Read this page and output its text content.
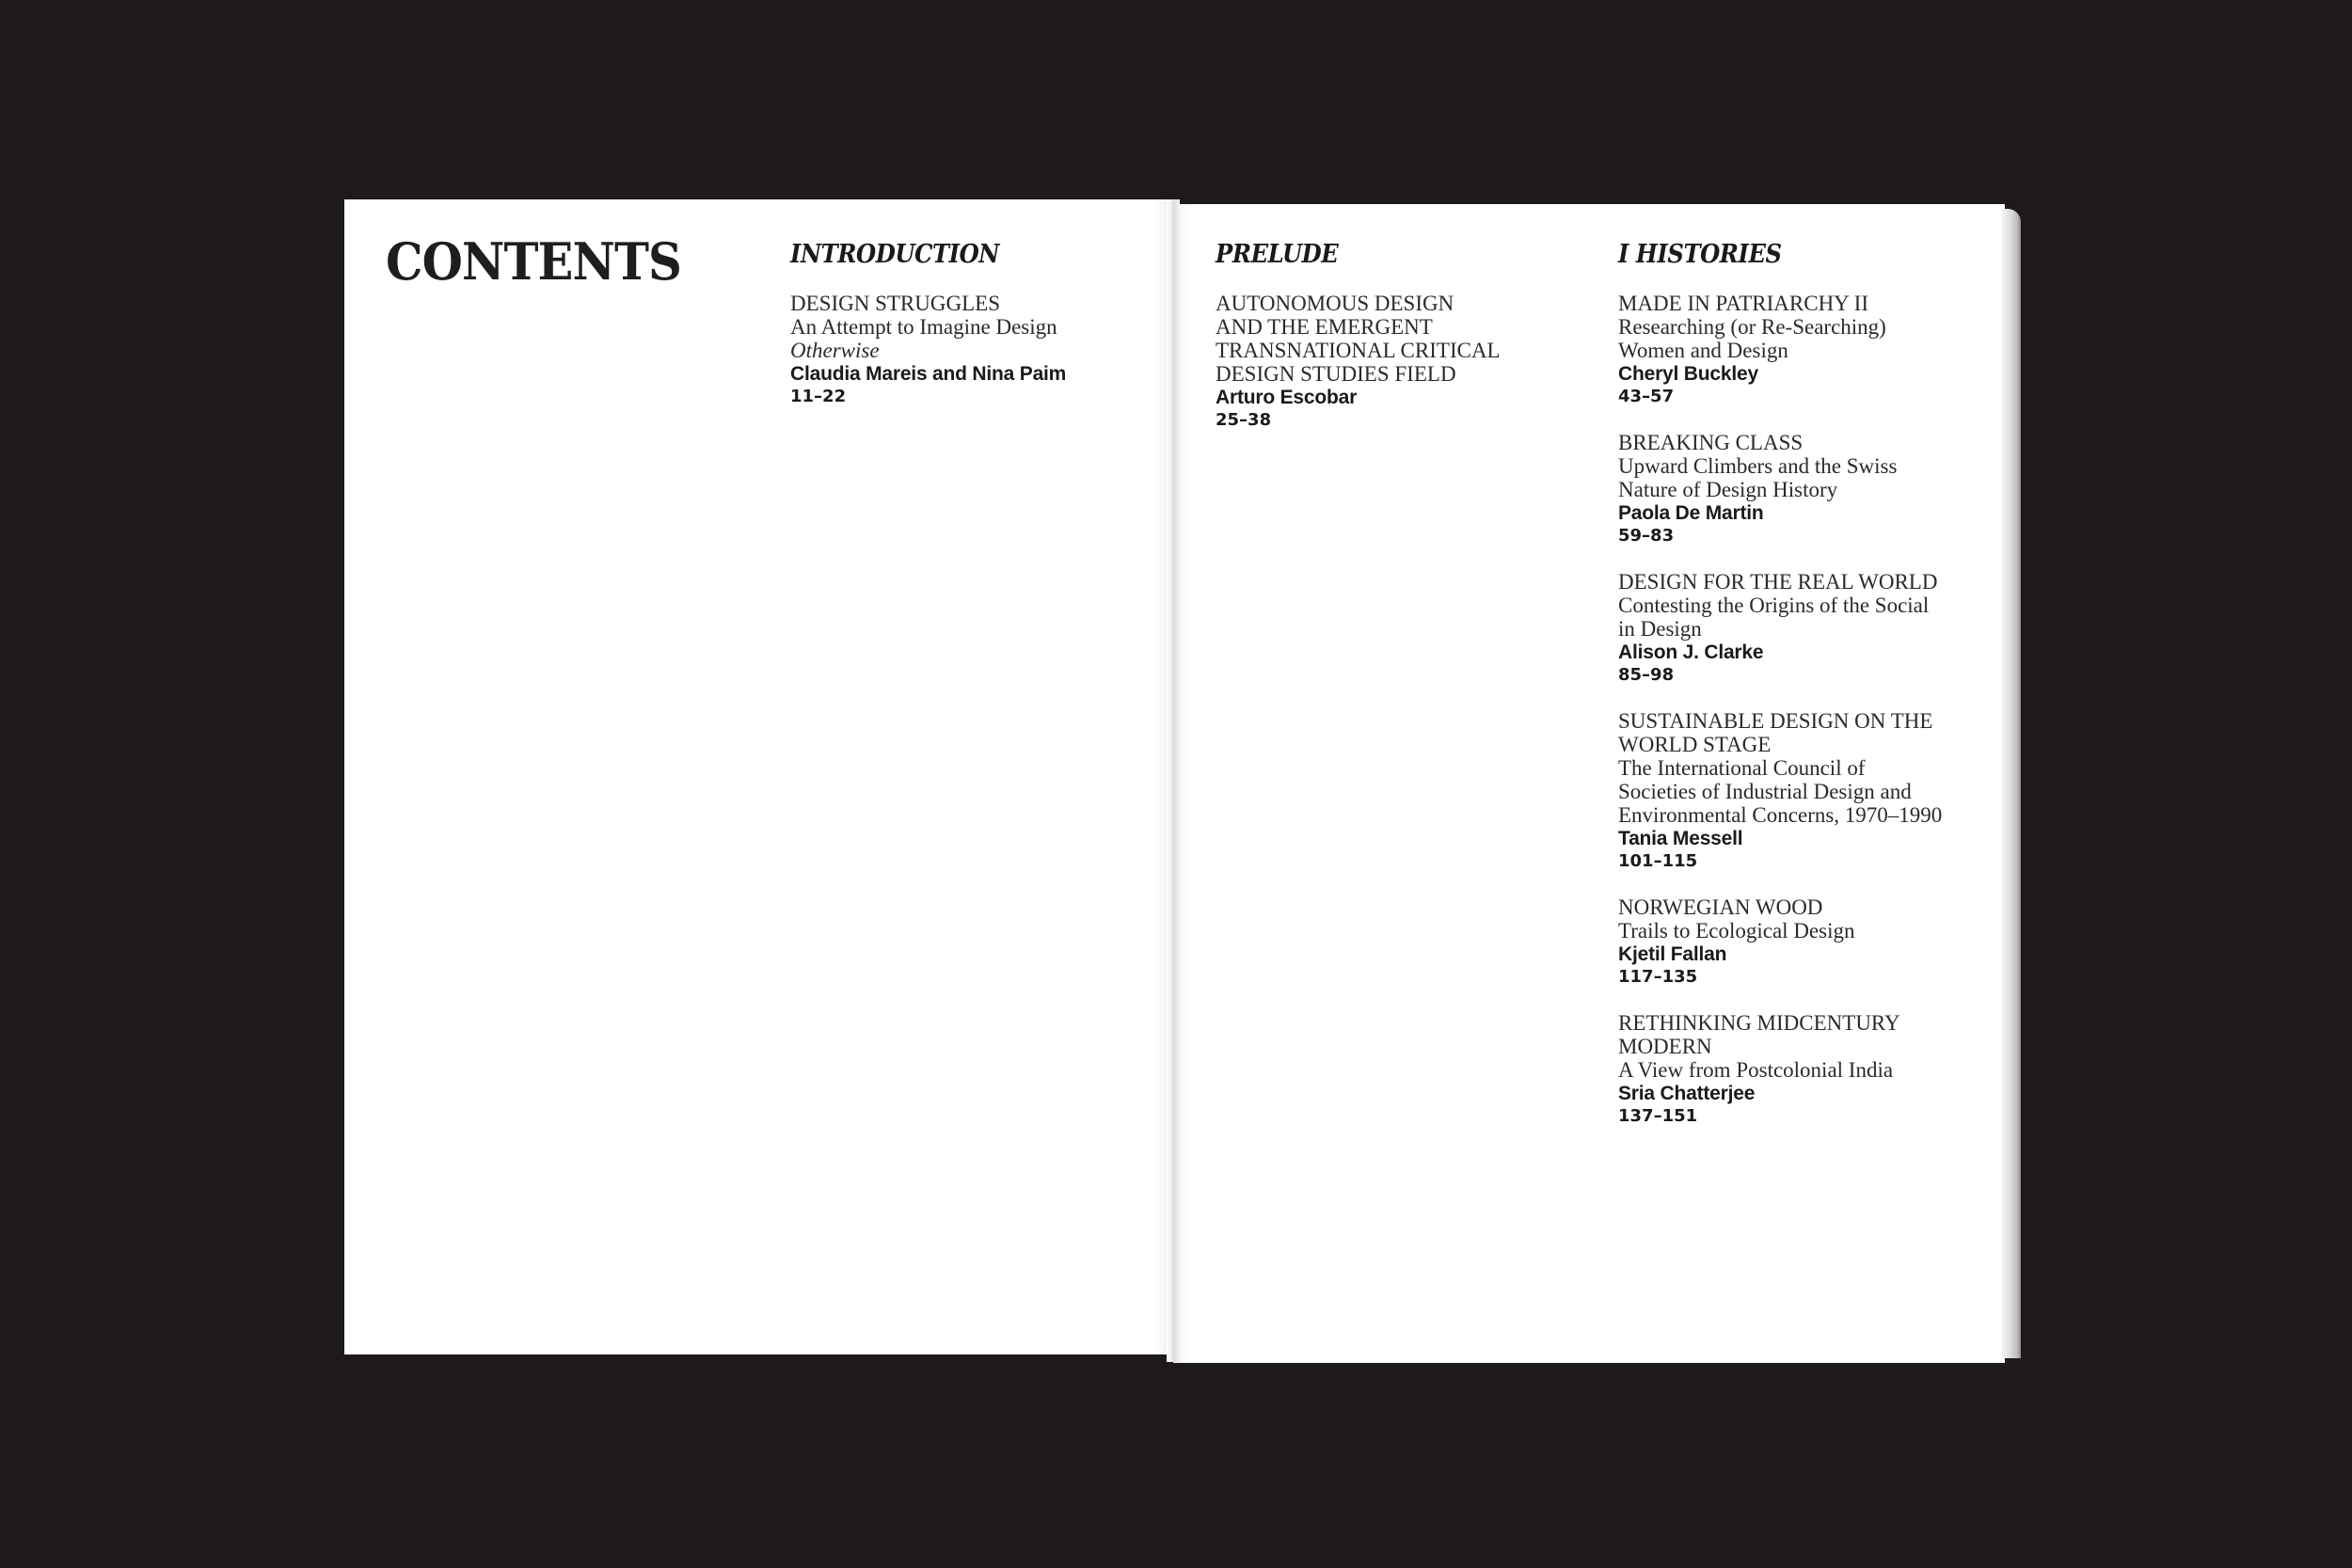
CONTENTS	INTRODUCTION
DESIGN STRUGGLES
An Attempt to Imagine Design
Otherwise
Claudia Mareis and Nina Paim
11–22
PRELUDE
AUTONOMOUS DESIGN
AND THE EMERGENT
TRANSNATIONAL CRITICAL
DESIGN STUDIES FIELD
Arturo Escobar
25–38
I HISTORIES
MADE IN PATRIARCHY II
Researching (or Re-Searching)
Women and Design
Cheryl Buckley
43–57
BREAKING CLASS
Upward Climbers and the Swiss
Nature of Design History
Paola De Martin
59–83
DESIGN FOR THE REAL WORLD
Contesting the Origins of the Social
in Design
Alison J. Clarke
85–98
SUSTAINABLE DESIGN ON THE
WORLD STAGE
The International Council of
Societies of Industrial Design and
Environmental Concerns, 1970–1990
Tania Messell
101–115
NORWEGIAN WOOD
Trails to Ecological Design
Kjetil Fallan
117–135
RETHINKING MIDCENTURY
MODERN
A View from Postcolonial India
Sria Chatterjee
137–151
